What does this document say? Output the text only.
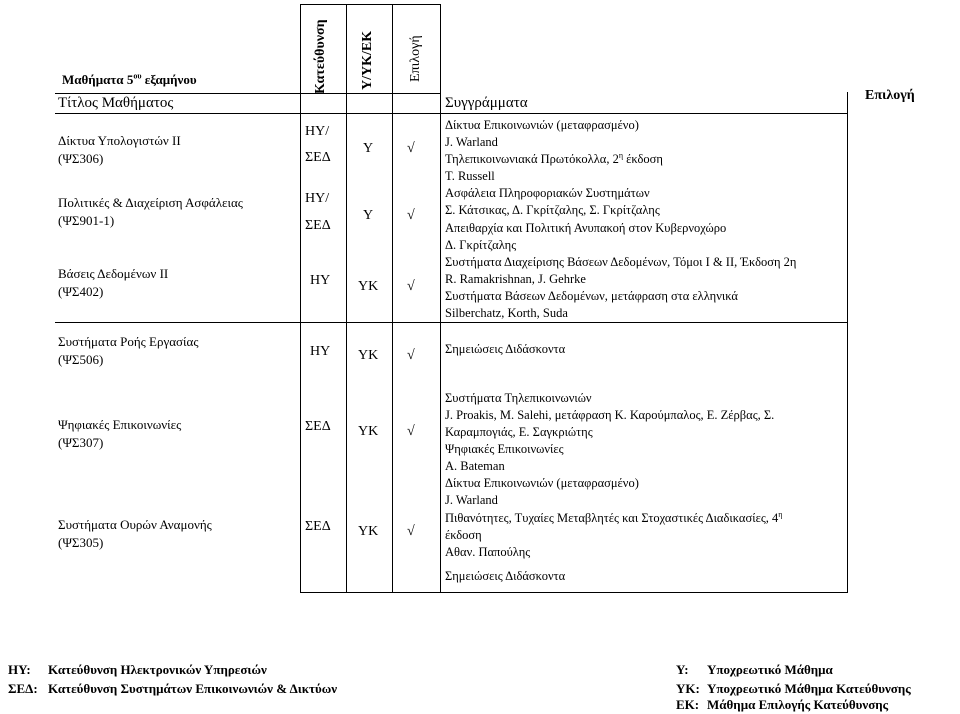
Μαθήματα $5^{o\upsilon}$ εξαμήνου
Τίτλος Μαθήματος
Κατεύθυνση Υ/ΥΚ/ΕΚ Επιλογή
Συγγράμματα	Επιλογή
Δίκτυα Υπολογιστών ΙΙ
(ΨΣ306)
ΗΥ/
ΣΕΔ
Υ √
Πολιτικές & Διαχείριση Ασφάλειας
(ΨΣ901-1)
ΗΥ/
ΣΕΔ
Υ √
Βάσεις Δεδομένων ΙΙ
(ΨΣ402)
ΗΥ ΥΚ √
Συστήματα Ροής Εργασίας
(ΨΣ506)
ΗΥ ΥΚ √
Ψηφιακές Επικοινωνίες
(ΨΣ307)
ΣΕΔ ΥΚ √
Συστήματα Ουρών Αναμονής
(ΨΣ305)
ΣΕΔ ΥΚ √
Δίκτυα Επικοινωνιών (μεταφρασμένο)
J. Warland
Τηλεπικοινωνιακά Πρωτόκολλα, $2^\eta$ έκδοση
T. Russell
Ασφάλεια Πληροφοριακών Συστημάτων
Σ. Κάτσικας, Δ. Γκρίτζαλης, Σ. Γκρίτζαλης
Απειθαρχία και Πολιτική Ανυπακοή στον Κυβερνοχώρο
Δ. Γκρίτζαλης
Συστήματα Διαχείρισης Βάσεων Δεδομένων, Τόμοι Ι & ΙΙ, Έκδοση 2η
R. Ramakrishnan, J. Gehrke
Συστήματα Βάσεων Δεδομένων, μετάφραση στα ελληνικά
Silberchatz, Korth, Suda
Σημειώσεις Διδάσκοντα
Συστήματα Τηλεπικοινωνιών
J. Proakis, M. Salehi, μετάφραση Κ. Καρούμπαλος, Ε. Ζέρβας, Σ.
Καραμπογιάς, Ε. Σαγκριώτης
Ψηφιακές Επικοινωνίες
A. Bateman
Δίκτυα Επικοινωνιών (μεταφρασμένο)
J. Warland
Πιθανότητες, Τυχαίες Μεταβλητές και Στοχαστικές Διαδικασίες, $4^\eta$
έκδοση
Αθαν. Παπούλης
Σημειώσεις Διδάσκοντα
ΗΥ: Κατεύθυνση Ηλεκτρονικών Υπηρεσιών
ΣΕΔ: Κατεύθυνση Συστημάτων Επικοινωνιών & Δικτύων
Υ: Υποχρεωτικό Μάθημα
ΥΚ: Υποχρεωτικό Μάθημα Κατεύθυνσης
ΕΚ: Μάθημα Επιλογής Κατεύθυνσης
